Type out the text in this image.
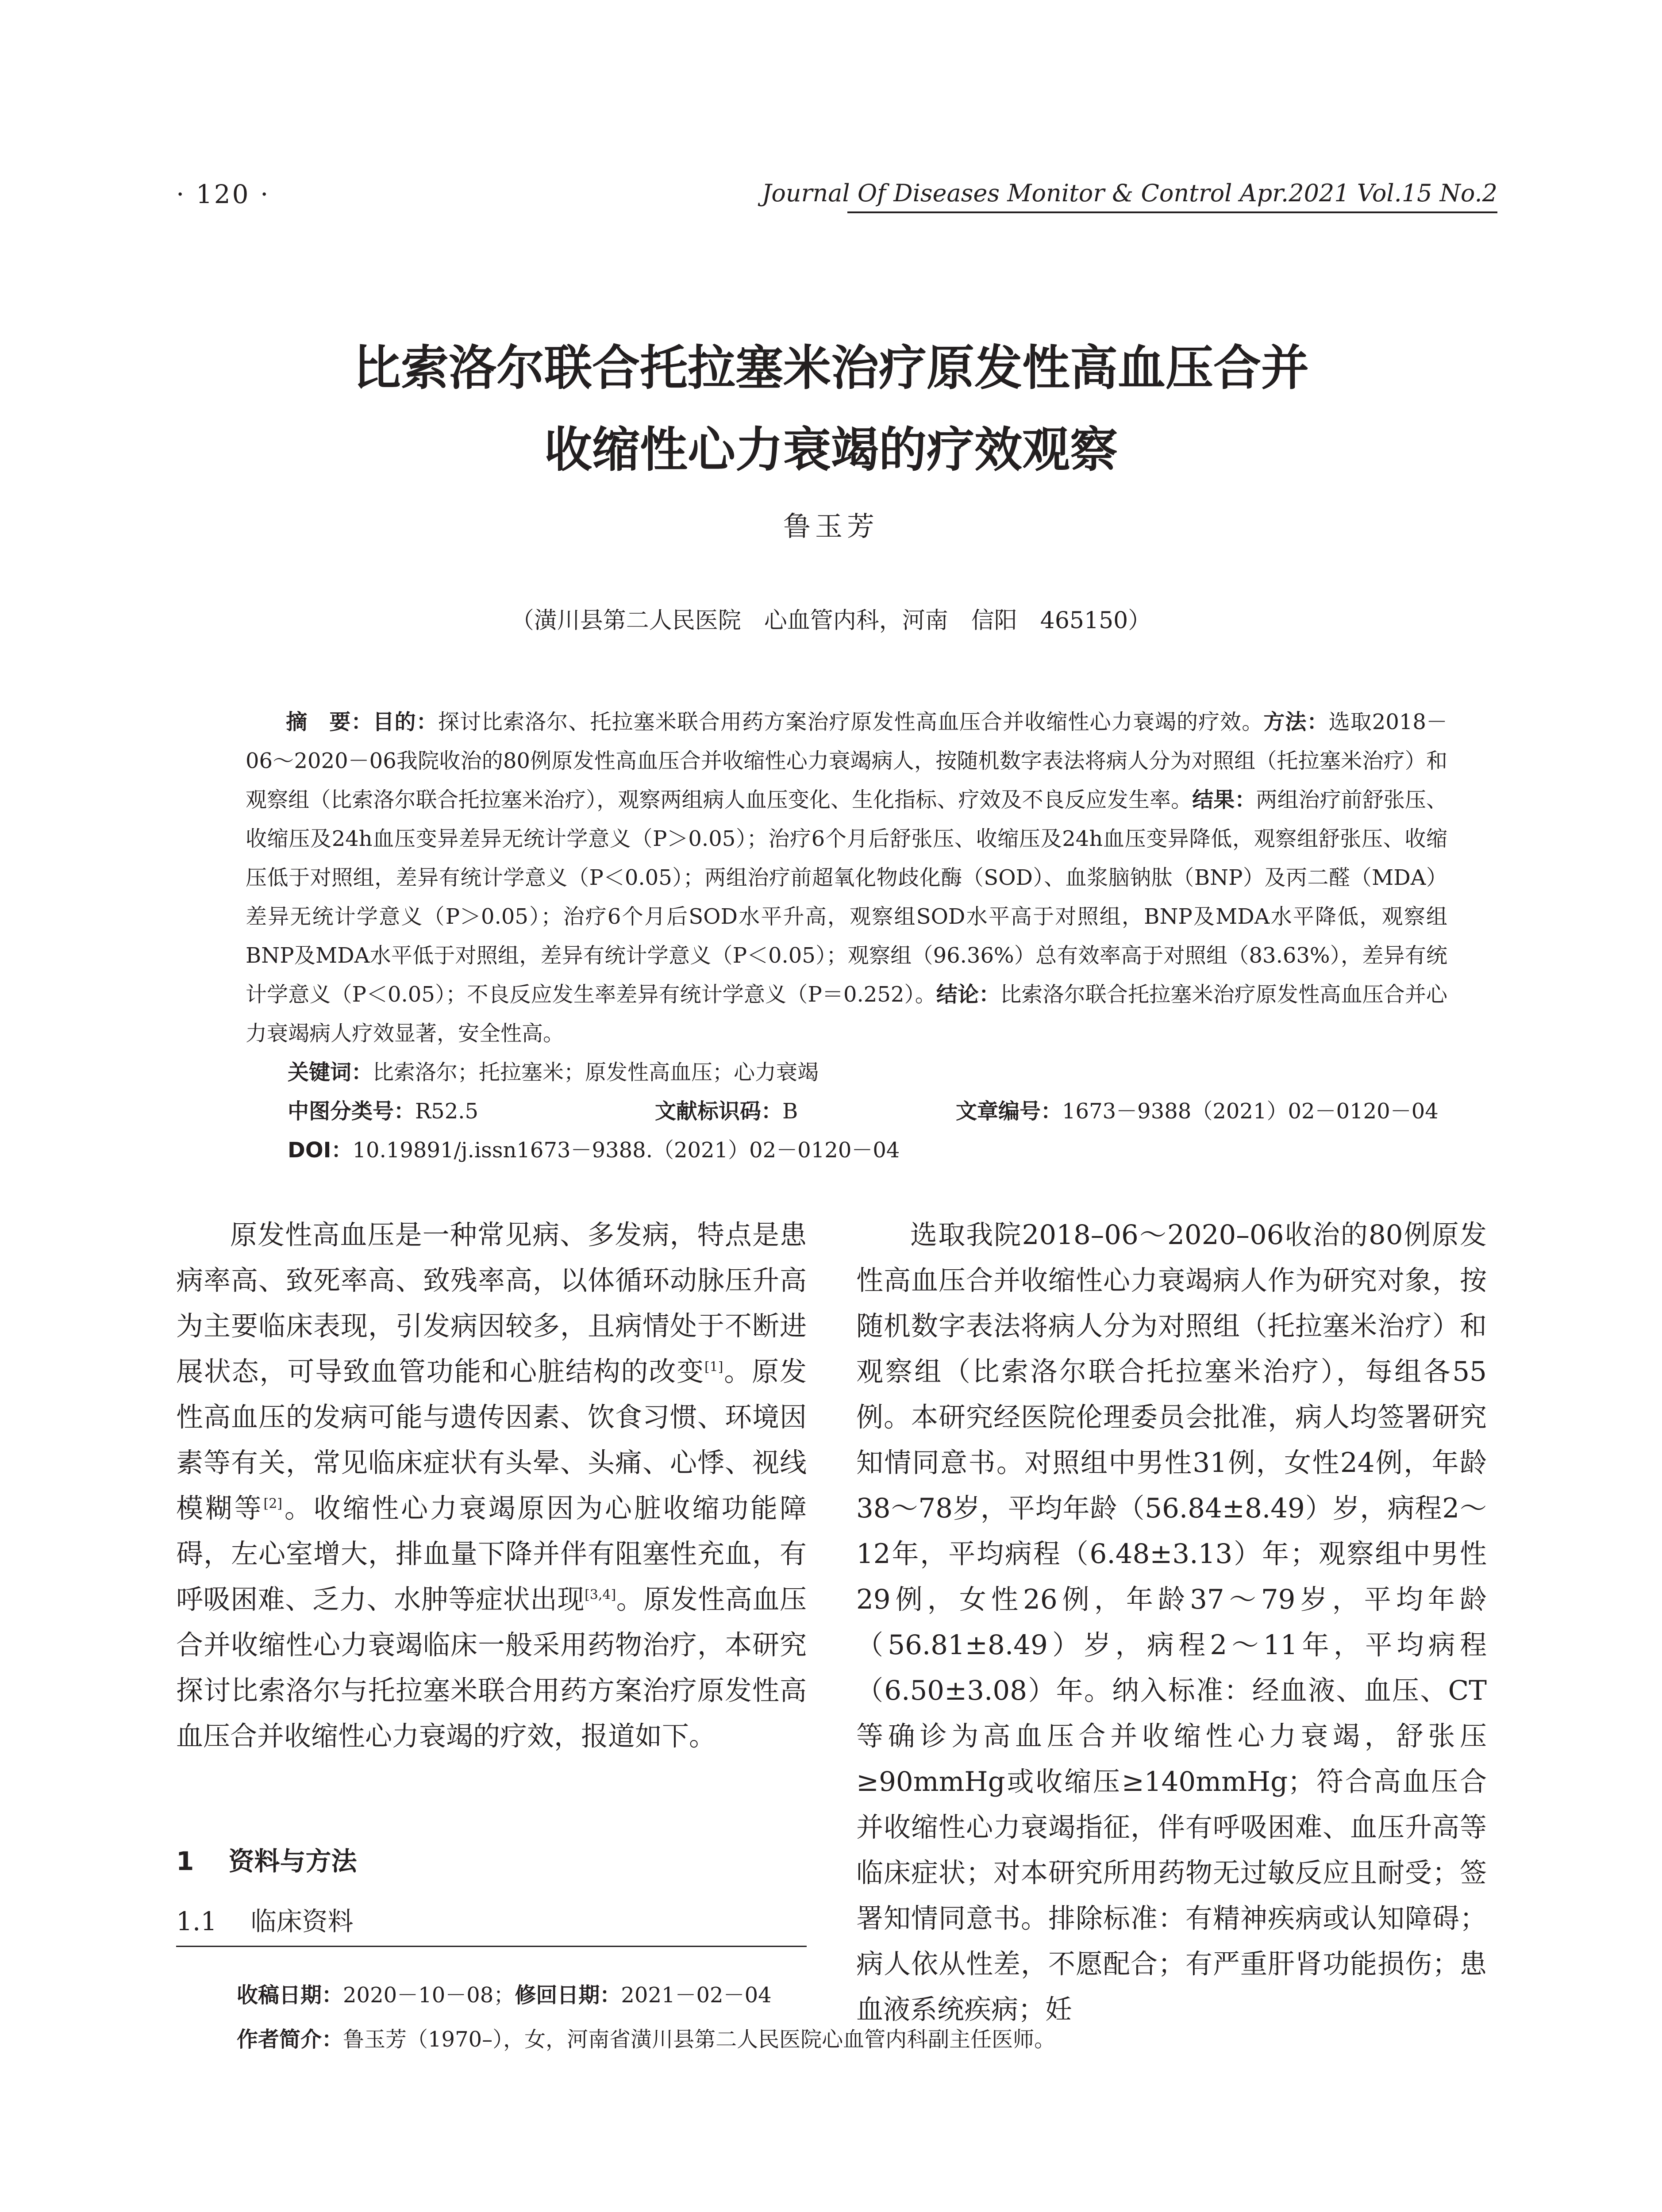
· 120 ·	Journal Of Diseases Monitor & Control Apr.2021 Vol.15 No.2
比索洛尔联合托拉塞米治疗原发性高血压合并
收缩性心力衰竭的疗效观察
鲁玉芳
（潢川县第二人民医院　心血管内科，河南　信阳　465150）
摘　要：目的：探讨比索洛尔、托拉塞米联合用药方案治疗原发性高血压合并收缩性心力衰竭的疗效。方法：选取2018－06～2020－06我院收治的80例原发性高血压合并收缩性心力衰竭病人，按随机数字表法将病人分为对照组（托拉塞米治疗）和观察组（比索洛尔联合托拉塞米治疗），观察两组病人血压变化、生化指标、疗效及不良反应发生率。结果：两组治疗前舒张压、收缩压及24h血压变异差异无统计学意义（P＞0.05）；治疗6个月后舒张压、收缩压及24h血压变异降低，观察组舒张压、收缩压低于对照组，差异有统计学意义（P＜0.05）；两组治疗前超氧化物歧化酶（SOD）、血浆脑钠肽（BNP）及丙二醛（MDA）差异无统计学意义（P＞0.05）；治疗6个月后SOD水平升高，观察组SOD水平高于对照组，BNP及MDA水平降低，观察组BNP及MDA水平低于对照组，差异有统计学意义（P＜0.05）；观察组（96.36%）总有效率高于对照组（83.63%），差异有统计学意义（P＜0.05）；不良反应发生率差异有统计学意义（P＝0.252）。结论：比索洛尔联合托拉塞米治疗原发性高血压合并心力衰竭病人疗效显著，安全性高。
关键词：比索洛尔；托拉塞米；原发性高血压；心力衰竭
中图分类号：R52.5	文献标识码：B	文章编号：1673－9388（2021）02－0120－04
DOI：10.19891/j.issn1673－9388.（2021）02－0120－04
原发性高血压是一种常见病、多发病，特点是患病率高、致死率高、致残率高，以体循环动脉压升高为主要临床表现，引发病因较多，且病情处于不断进展状态，可导致血管功能和心脏结构的改变[1]。原发性高血压的发病可能与遗传因素、饮食习惯、环境因素等有关，常见临床症状有头晕、头痛、心悸、视线模糊等[2]。收缩性心力衰竭原因为心脏收缩功能障碍，左心室增大，排血量下降并伴有阻塞性充血，有呼吸困难、乏力、水肿等症状出现[3,4]。原发性高血压合并收缩性心力衰竭临床一般采用药物治疗，本研究探讨比索洛尔与托拉塞米联合用药方案治疗原发性高血压合并收缩性心力衰竭的疗效，报道如下。
1　 资料与方法
1.1　 临床资料
选取我院2018–06～2020–06收治的80例原发性高血压合并收缩性心力衰竭病人作为研究对象，按随机数字表法将病人分为对照组（托拉塞米治疗）和观察组（比索洛尔联合托拉塞米治疗），每组各55例。本研究经医院伦理委员会批准，病人均签署研究知情同意书。对照组中男性31例，女性24例，年龄38～78岁，平均年龄（56.84±8.49）岁，病程2～12年，平均病程（6.48±3.13）年；观察组中男性29例，女性26例，年龄37～79岁，平均年龄（56.81±8.49）岁，病程2～11年，平均病程（6.50±3.08）年。纳入标准：经血液、血压、CT等确诊为高血压合并收缩性心力衰竭，舒张压≥90mmHg或收缩压≥140mmHg；符合高血压合并收缩性心力衰竭指征，伴有呼吸困难、血压升高等临床症状；对本研究所用药物无过敏反应且耐受；签署知情同意书。排除标准：有精神疾病或认知障碍；病人依从性差，不愿配合；有严重肝肾功能损伤；患血液系统疾病；妊
收稿日期：2020－10－08；修回日期：2021－02－04
作者简介：鲁玉芳（1970–），女，河南省潢川县第二人民医院心血管内科副主任医师。
